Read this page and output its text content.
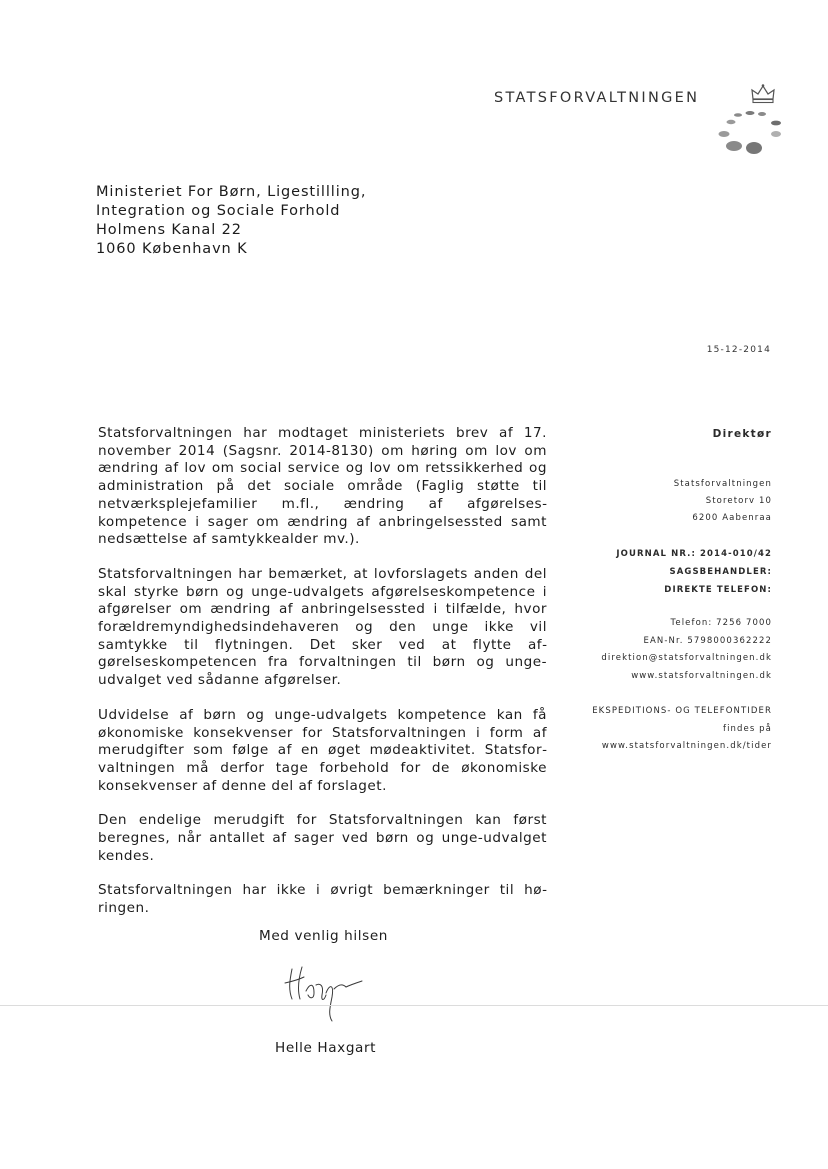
STATSFORVALTNINGEN
Ministeriet For Børn, Ligestillling,
Integration og Sociale Forhold
Holmens Kanal 22
1060 København K
15-12-2014

Statsforvaltningen har modtaget ministeriets brev af 17. november 2014 (Sagsnr. 2014-8130) om høring om lov om ændring af lov om social service og lov om retssikkerhed og administration på det sociale område (Faglig støtte til netværksplejefamilier m.fl., ændring af afgørelseskompetence i sager om ændring af anbringelsessted samt nedsættelse af samtykkealder mv.).

Statsforvaltningen har bemærket, at lovforslagets anden del skal styrke børn og unge-udvalgets afgørelseskompetence i afgørelser om ændring af anbringelsessted i tilfælde, hvor forældremyndighedsindehaveren og den unge ikke vil samtykke til flytningen. Det sker ved at flytte afgørelseskompetencen fra forvaltningen til børn og unge-udvalget ved sådanne afgørelser.

Udvidelse af børn og unge-udvalgets kompetence kan få økonomiske konsekvenser for Statsforvaltningen i form af merudgifter som følge af en øget mødeaktivitet. Statsforvaltningen må derfor tage forbehold for de økonomiske konsekvenser af denne del af forslaget.

Den endelige merudgift for Statsforvaltningen kan først beregnes, når antallet af sager ved børn og unge-udvalget kendes.

Statsforvaltningen har ikke i øvrigt bemærkninger til høringen.

Med venlig hilsen
Helle Haxgart
Direktør
Statsforvaltningen
Storetorv 10
6200 Aabenraa
JOURNAL NR.: 2014-010/42
SAGSBEHANDLER:
DIREKTE TELEFON:
Telefon: 7256 7000
EAN-Nr. 5798000362222
direktion@statsforvaltningen.dk
www.statsforvaltningen.dk
EKSPEDITIONS- OG TELEFONTIDER
findes på
www.statsforvaltningen.dk/tider
